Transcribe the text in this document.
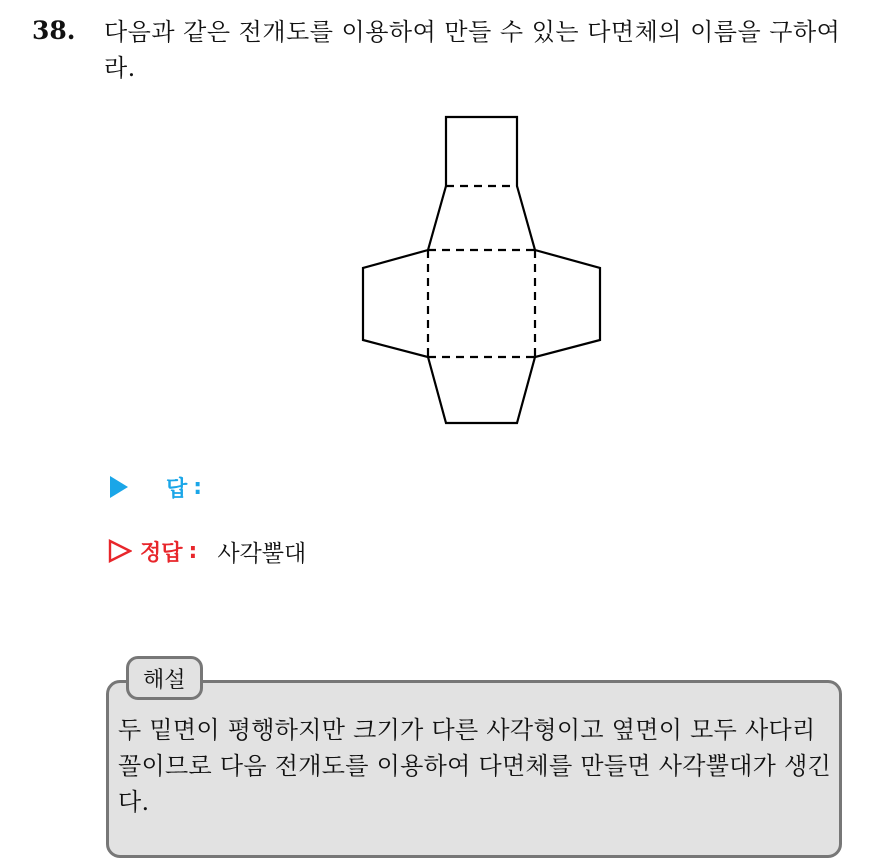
38. 다음과 같은 전개도를 이용하여 만들 수 있는 다면체의 이름을 구하여라.
답 :
정답 : 사각뿔대
해설
두 밑면이 평행하지만 크기가 다른 사각형이고 옆면이 모두 사다리꼴이므로 다음 전개도를 이용하여 다면체를 만들면 사각뿔대가 생긴다.
